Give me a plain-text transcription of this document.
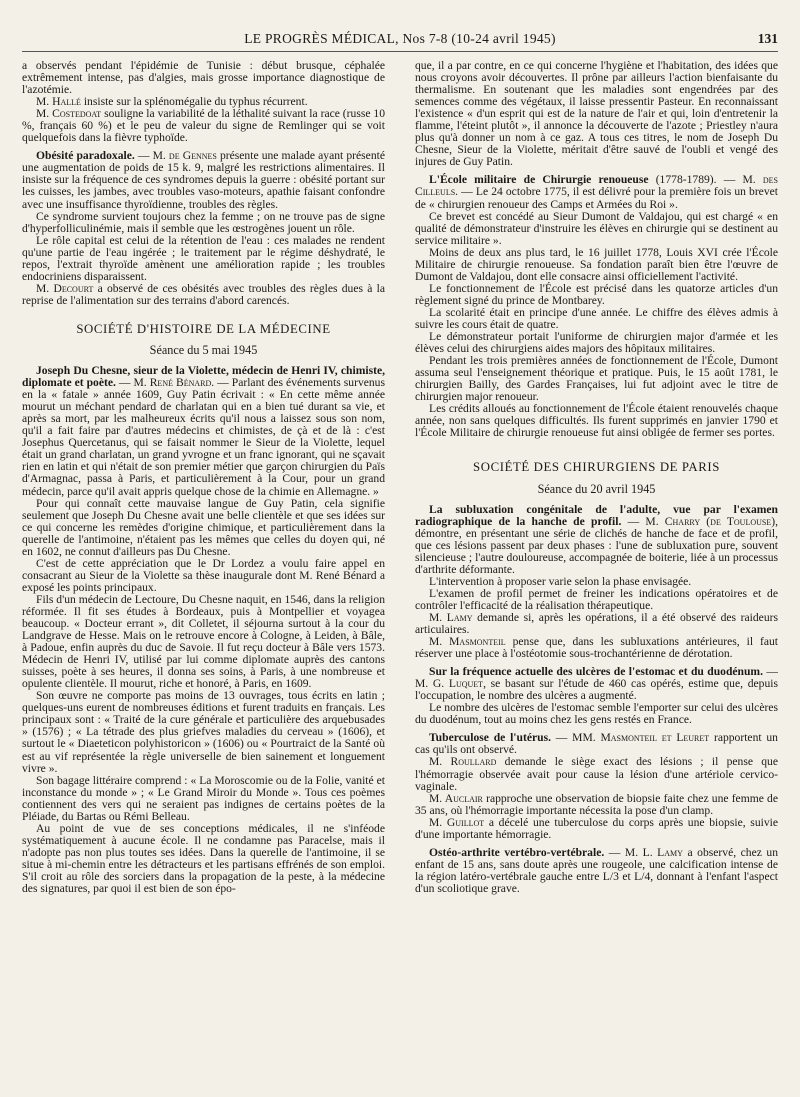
LE PROGRÈS MÉDICAL, Nos 7-8 (10-24 avril 1945)	131

a observés pendant l'épidémie de Tunisie : début brusque, céphalée extrêmement intense, pas d'algies, mais grosse importance diagnostique de l'azotémie.

M. Hallé insiste sur la splénomégalie du typhus récurrent.

M. Costedoat souligne la variabilité de la léthalité suivant la race (russe 10 %, français 60 %) et le peu de valeur du signe de Remlinger qui se voit quelquefois dans la fièvre typhoïde.

Obésité paradoxale. — M. de Gennes présente une malade ayant présenté une augmentation de poids de 15 k. 9, malgré les restrictions alimentaires. Il insiste sur la fréquence de ces syndromes depuis la guerre : obésité portant sur les cuisses, les jambes, avec troubles vaso-moteurs, apathie faisant confondre avec une insuffisance thyroïdienne, troubles des règles.

Ce syndrome survient toujours chez la femme ; on ne trouve pas de signe d'hyperfolliculinémie, mais il semble que les œstrogènes jouent un rôle.

Le rôle capital est celui de la rétention de l'eau : ces malades ne rendent qu'une partie de l'eau ingérée ; le traitement par le régime déshydraté, le repos, l'extrait thyroïde amènent une amélioration rapide ; les troubles endocriniens disparaissent.

M. Decourt a observé de ces obésités avec troubles des règles dues à la reprise de l'alimentation sur des terrains d'abord carencés.

SOCIÉTÉ D'HISTOIRE DE LA MÉDECINE
Séance du 5 mai 1945

Joseph Du Chesne, sieur de la Violette, médecin de Henri IV, chimiste, diplomate et poète. — M. René Bénard. — Parlant des événements survenus en la « fatale » année 1609, Guy Patin écrivait : « En cette même année mourut un méchant pendard de charlatan qui en a bien tué durant sa vie, et après sa mort, par les malheureux écrits qu'il nous a laissez sous son nom, qu'il a fait faire par d'autres médecins et chimistes, de çà et de là : c'est Josephus Quercetanus, qui se faisait nommer le Sieur de la Violette, lequel était un grand charlatan, un grand yvrogne et un franc ignorant, qui ne sçavait rien en latin et qui n'était de son premier métier que garçon chirurgien du Païs d'Armagnac, passa à Paris, et particulièrement à la Cour, pour un grand médecin, parce qu'il avait appris quelque chose de la chimie en Allemagne. »

Pour qui connaît cette mauvaise langue de Guy Patin, cela signifie seulement que Joseph Du Chesne avait une belle clientèle et que ses idées sur ce qui concerne les remèdes d'origine chimique, et particulièrement dans la querelle de l'antimoine, n'étaient pas les mêmes que celles du doyen qui, né en 1602, ne connut d'ailleurs pas Du Chesne.

C'est de cette appréciation que le Dr Lordez a voulu faire appel en consacrant au Sieur de la Violette sa thèse inaugurale dont M. René Bénard a exposé les points principaux.

Fils d'un médecin de Lectoure, Du Chesne naquit, en 1546, dans la religion réformée. Il fit ses études à Bordeaux, puis à Montpellier et voyagea beaucoup. « Docteur errant », dit Colletet, il séjourna surtout à la cour du Landgrave de Hesse. Mais on le retrouve encore à Cologne, à Leiden, à Bâle, à Padoue, enfin auprès du duc de Savoie. Il fut reçu docteur à Bâle vers 1573. Médecin de Henri IV, utilisé par lui comme diplomate auprès des cantons suisses, poète à ses heures, il donna ses soins, à Paris, à une nombreuse et opulente clientèle. Il mourut, riche et honoré, à Paris, en 1609.

Son œuvre ne comporte pas moins de 13 ouvrages, tous écrits en latin ; quelques-uns eurent de nombreuses éditions et furent traduits en français. Les principaux sont : « Traité de la cure générale et particulière des arquebusades » (1576) ; « La tétrade des plus griefves maladies du cerveau » (1606), et surtout le « Diaeteticon polyhistoricon » (1606) ou « Pourtraict de la Santé où est au vif représentée la règle universelle de bien sainement et longuement vivre ».

Son bagage littéraire comprend : « La Moroscomie ou de la Folie, vanité et inconstance du monde » ; « Le Grand Miroir du Monde ». Tous ces poèmes contiennent des vers qui ne seraient pas indignes de certains poètes de la Pléiade, du Bartas ou Rémi Belleau.

Au point de vue de ses conceptions médicales, il ne s'inféode systématiquement à aucune école. Il ne condamne pas Paracelse, mais il n'adopte pas non plus toutes ses idées. Dans la querelle de l'antimoine, il se situe à mi-chemin entre les détracteurs et les partisans effrénés de son emploi. S'il croit au rôle des sorciers dans la propagation de la peste, à la médecine des signatures, par quoi il est bien de son épo-

que, il a par contre, en ce qui concerne l'hygiène et l'habitation, des idées que nous croyons avoir découvertes. Il prône par ailleurs l'action bienfaisante du thermalisme. En soutenant que les maladies sont engendrées par des semences comme des végétaux, il laisse pressentir Pasteur. En reconnaissant l'existence « d'un esprit qui est de la nature de l'air et qui, loin d'entretenir la flamme, l'éteint plutôt », il annonce la découverte de l'azote ; Priestley n'aura plus qu'à donner un nom à ce gaz. A tous ces titres, le nom de Joseph Du Chesne, Sieur de la Violette, méritait d'être sauvé de l'oubli et vengé des injures de Guy Patin.

L'École militaire de Chirurgie renoueuse (1778-1789). — M. des Cilleuls. — Le 24 octobre 1775, il est délivré pour la première fois un brevet de « chirurgien renoueur des Camps et Armées du Roi ».

Ce brevet est concédé au Sieur Dumont de Valdajou, qui est chargé « en qualité de démonstrateur d'instruire les élèves en chirurgie qui se destinent au service militaire ».

Moins de deux ans plus tard, le 16 juillet 1778, Louis XVI crée l'École Militaire de chirurgie renoueuse. Sa fondation paraît bien être l'œuvre de Dumont de Valdajou, dont elle consacre ainsi officiellement l'activité.

Le fonctionnement de l'École est précisé dans les quatorze articles d'un règlement signé du prince de Montbarey.

La scolarité était en principe d'une année. Le chiffre des élèves admis à suivre les cours était de quatre.

Le démonstrateur portait l'uniforme de chirurgien major d'armée et les élèves celui des chirurgiens aides majors des hôpitaux militaires.

Pendant les trois premières années de fonctionnement de l'École, Dumont assuma seul l'enseignement théorique et pratique. Puis, le 15 août 1781, le chirurgien Bailly, des Gardes Françaises, lui fut adjoint avec le titre de chirurgien major renoueur.

Les crédits alloués au fonctionnement de l'École étaient renouvelés chaque année, non sans quelques difficultés. Ils furent supprimés en janvier 1790 et l'École Militaire de chirurgie renoueuse fut ainsi obligée de fermer ses portes.

SOCIÉTÉ DES CHIRURGIENS DE PARIS
Séance du 20 avril 1945

La subluxation congénitale de l'adulte, vue par l'examen radiographique de la hanche de profil. — M. Charry (de Toulouse), démontre, en présentant une série de clichés de hanche de face et de profil, que ces lésions passent par deux phases : l'une de subluxation pure, souvent silencieuse ; l'autre douloureuse, accompagnée de boiterie, liée à un processus d'arthrite déformante.

L'intervention à proposer varie selon la phase envisagée.

L'examen de profil permet de freiner les indications opératoires et de contrôler l'efficacité de la réalisation thérapeutique.

M. Lamy demande si, après les opérations, il a été observé des raideurs articulaires.

M. Masmonteil pense que, dans les subluxations antérieures, il faut réserver une place à l'ostéotomie sous-trochantérienne de dérotation.

Sur la fréquence actuelle des ulcères de l'estomac et du duodénum. — M. G. Luquet, se basant sur l'étude de 460 cas opérés, estime que, depuis l'occupation, le nombre des ulcères a augmenté.

Le nombre des ulcères de l'estomac semble l'emporter sur celui des ulcères du duodénum, tout au moins chez les gens restés en France.

Tuberculose de l'utérus. — MM. Masmonteil et Leuret rapportent un cas qu'ils ont observé.

M. Roullard demande le siège exact des lésions ; il pense que l'hémorragie observée avait pour cause la lésion d'une artériole cervico-vaginale.

M. Auclair rapproche une observation de biopsie faite chez une femme de 35 ans, où l'hémorragie importante nécessita la pose d'un clamp.

M. Guillot a décelé une tuberculose du corps après une biopsie, suivie d'une importante hémorragie.

Ostéo-arthrite vertébro-vertébrale. — M. L. Lamy a observé, chez un enfant de 15 ans, sans doute après une rougeole, une calcification intense de la région latéro-vertébrale gauche entre L/3 et L/4, donnant à l'enfant l'aspect d'un scoliotique grave.
